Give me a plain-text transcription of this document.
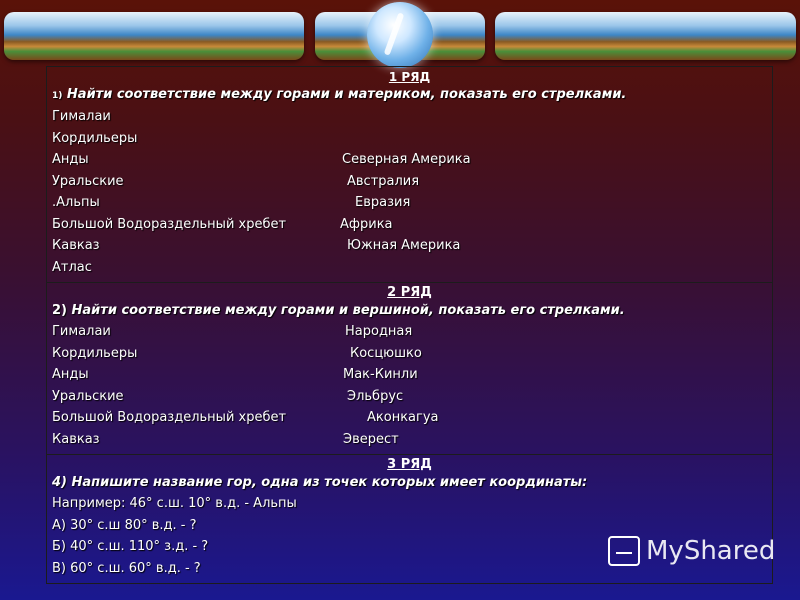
1 РЯД
1) Найти соответствие между горами и материком, показать его стрелками.
Гималаи
Кордильеры
Анды	Северная Америка
Уральские	Австралия
.Альпы	Евразия
Большой Водораздельный хребет	Африка
Кавказ	Южная Америка
Атлас

2 РЯД
2) Найти соответствие между горами и вершиной, показать его стрелками.
Гималаи	Народная
Кордильеры	Косцюшко
Анды	Мак-Кинли
Уральские	Эльбрус
Большой Водораздельный хребет	Аконкагуа
Кавказ	Эверест

3 РЯД
4) Напишите название гор, одна из точек которых имеет координаты:
Например: 46° с.ш. 10° в.д. - Альпы
А) 30° с.ш 80° в.д. - ?
Б) 40° с.ш. 110° з.д. - ?
В) 60° с.ш. 60° в.д. - ?
MyShared
